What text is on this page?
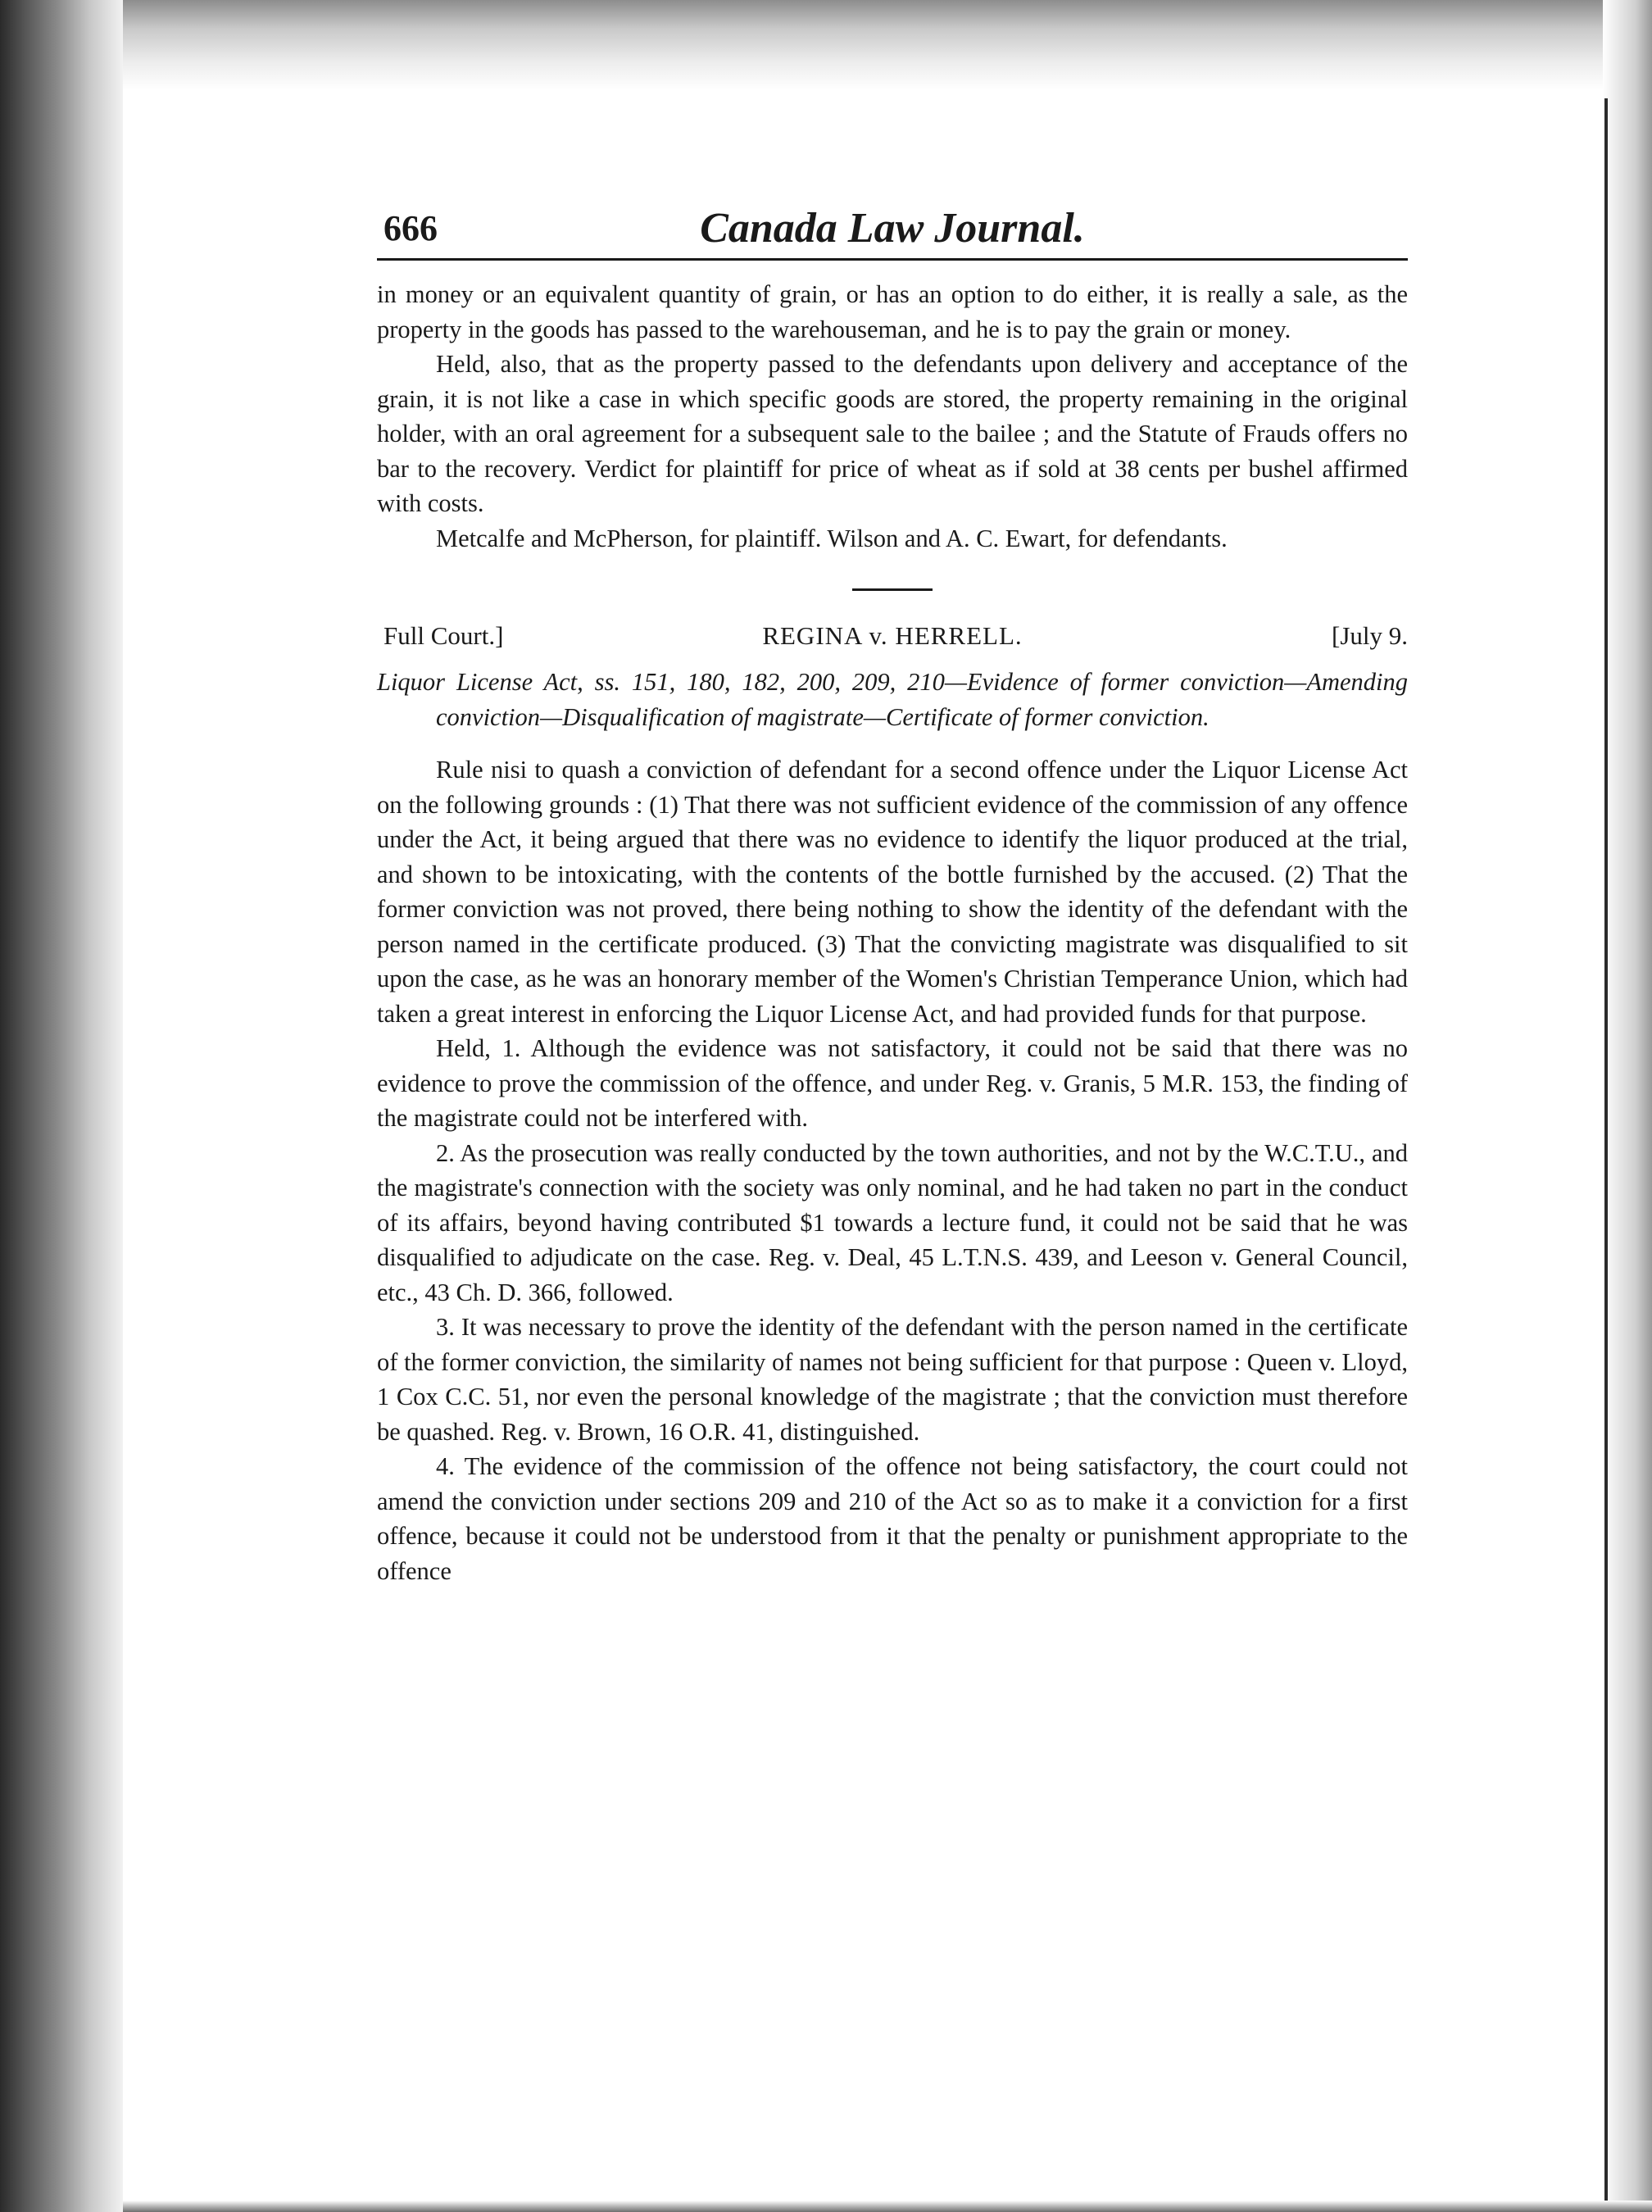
666	Canada Law Journal.

in money or an equivalent quantity of grain, or has an option to do either, it is really a sale, as the property in the goods has passed to the warehouseman, and he is to pay the grain or money.

Held, also, that as the property passed to the defendants upon delivery and acceptance of the grain, it is not like a case in which specific goods are stored, the property remaining in the original holder, with an oral agreement for a subsequent sale to the bailee ; and the Statute of Frauds offers no bar to the recovery. Verdict for plaintiff for price of wheat as if sold at 38 cents per bushel affirmed with costs.

Metcalfe and McPherson, for plaintiff. Wilson and A. C. Ewart, for defendants.

Full Court.]	REGINA v. HERRELL.	[July 9.

Liquor License Act, ss. 151, 180, 182, 200, 209, 210—Evidence of former conviction—Amending conviction—Disqualification of magistrate—Certificate of former conviction.

Rule nisi to quash a conviction of defendant for a second offence under the Liquor License Act on the following grounds : (1) That there was not sufficient evidence of the commission of any offence under the Act, it being argued that there was no evidence to identify the liquor produced at the trial, and shown to be intoxicating, with the contents of the bottle furnished by the accused. (2) That the former conviction was not proved, there being nothing to show the identity of the defendant with the person named in the certificate produced. (3) That the convicting magistrate was disqualified to sit upon the case, as he was an honorary member of the Women's Christian Temperance Union, which had taken a great interest in enforcing the Liquor License Act, and had provided funds for that purpose.

Held, 1. Although the evidence was not satisfactory, it could not be said that there was no evidence to prove the commission of the offence, and under Reg. v. Granis, 5 M.R. 153, the finding of the magistrate could not be interfered with.

2. As the prosecution was really conducted by the town authorities, and not by the W.C.T.U., and the magistrate's connection with the society was only nominal, and he had taken no part in the conduct of its affairs, beyond having contributed $1 towards a lecture fund, it could not be said that he was disqualified to adjudicate on the case. Reg. v. Deal, 45 L.T.N.S. 439, and Leeson v. General Council, etc., 43 Ch. D. 366, followed.

3. It was necessary to prove the identity of the defendant with the person named in the certificate of the former conviction, the similarity of names not being sufficient for that purpose : Queen v. Lloyd, 1 Cox C.C. 51, nor even the personal knowledge of the magistrate ; that the conviction must therefore be quashed. Reg. v. Brown, 16 O.R. 41, distinguished.

4. The evidence of the commission of the offence not being satisfactory, the court could not amend the conviction under sections 209 and 210 of the Act so as to make it a conviction for a first offence, because it could not be understood from it that the penalty or punishment appropriate to the offence
